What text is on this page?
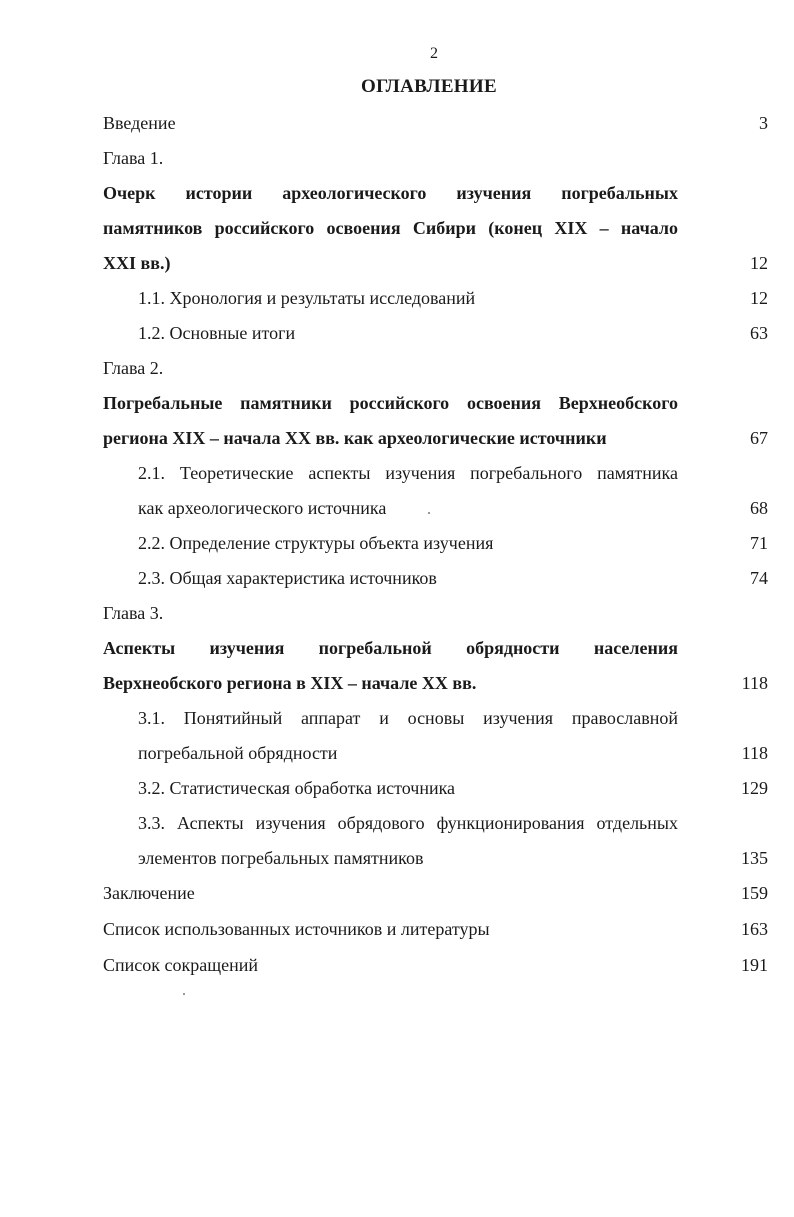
2
ОГЛАВЛЕНИЕ
Введение	3
Глава 1.
Очерк истории археологического изучения погребальных
памятников российского освоения Сибири (конец XIX – начало
XXI вв.)	12
1.1. Хронология и результаты исследований	12
1.2. Основные итоги	63
Глава 2.
Погребальные памятники российского освоения Верхнеобского
региона XIX – начала XX вв. как археологические источники	67
2.1. Теоретические аспекты изучения погребального памятника
как археологического источника	68
2.2. Определение структуры объекта изучения	71
2.3. Общая характеристика источников	74
Глава 3.
Аспекты изучения погребальной обрядности населения
Верхнеобского региона в XIX – начале XX вв.	118
3.1. Понятийный аппарат и основы изучения православной
погребальной обрядности	118
3.2. Статистическая обработка источника	129
3.3. Аспекты изучения обрядового функционирования отдельных
элементов погребальных памятников	135
Заключение	159
Список использованных источников и литературы	163
Список сокращений	191
